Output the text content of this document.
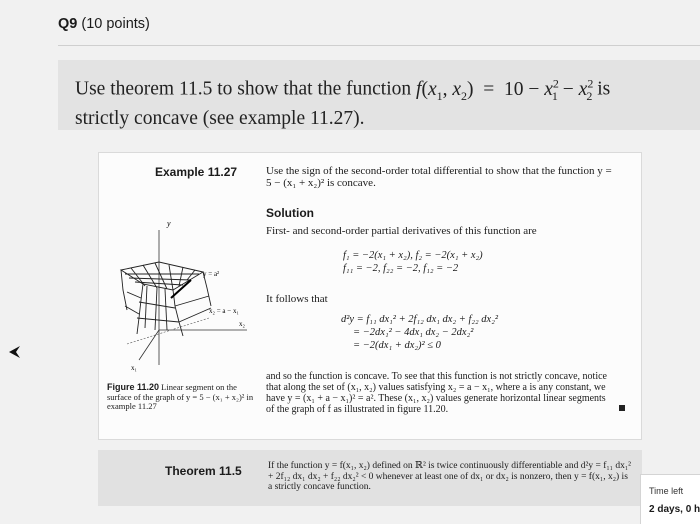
Q9 (10 points)
Use theorem 11.5 to show that the function $f(x_1$, $x_2) = 10 - x^2_1 - x^2_2$ is
strictly concave (see example 11.27).
Example 11.27	Use the sign of the second-order total differential to show that the function y =
5 − (x₁ + x₂)² is concave.
Solution
First- and second-order partial derivatives of this function are
f₁ = −2(x₁ + x₂), f₂ = −2(x₁ + x₂)
f₁₁ = −2, f₂₂ = −2, f₁₂ = −2
It follows that
d²y = f₁₁ dx₁² + 2f₁₂ dx₁ dx₂ + f₂₂ dx₂²
= −2dx₁² − 4dx₁ dx₂ − 2dx₂²
= −2(dx₁ + dx₂)² ≤ 0
and so the function is concave. To see that this function is not strictly concave, notice that along the set of (x₁, x₂) values satisfying x₂ = a − x₁, where a is any constant, we have y = (x₁ + a − x₁)² = a². These (x₁, x₂) values generate horizontal linear segments of the graph of f as illustrated in figure 11.20.
y
y = a²
x₂ = a − x₁
x₂
x₁
Figure 11.20 Linear segment on the surface of the graph of y = 5 − (x₁ + x₂)² in example 11.27
Theorem 11.5	If the function y = f(x₁, x₂) defined on ℝ² is twice continuously differentiable and d²y = f₁₁ dx₁² + 2f₁₂ dx₁ dx₂ + f₂₂ dx₂² < 0 whenever at least one of dx₁ or dx₂ is nonzero, then y = f(x₁, x₂) is a strictly concave function.	Time left
2 days, 0 h
